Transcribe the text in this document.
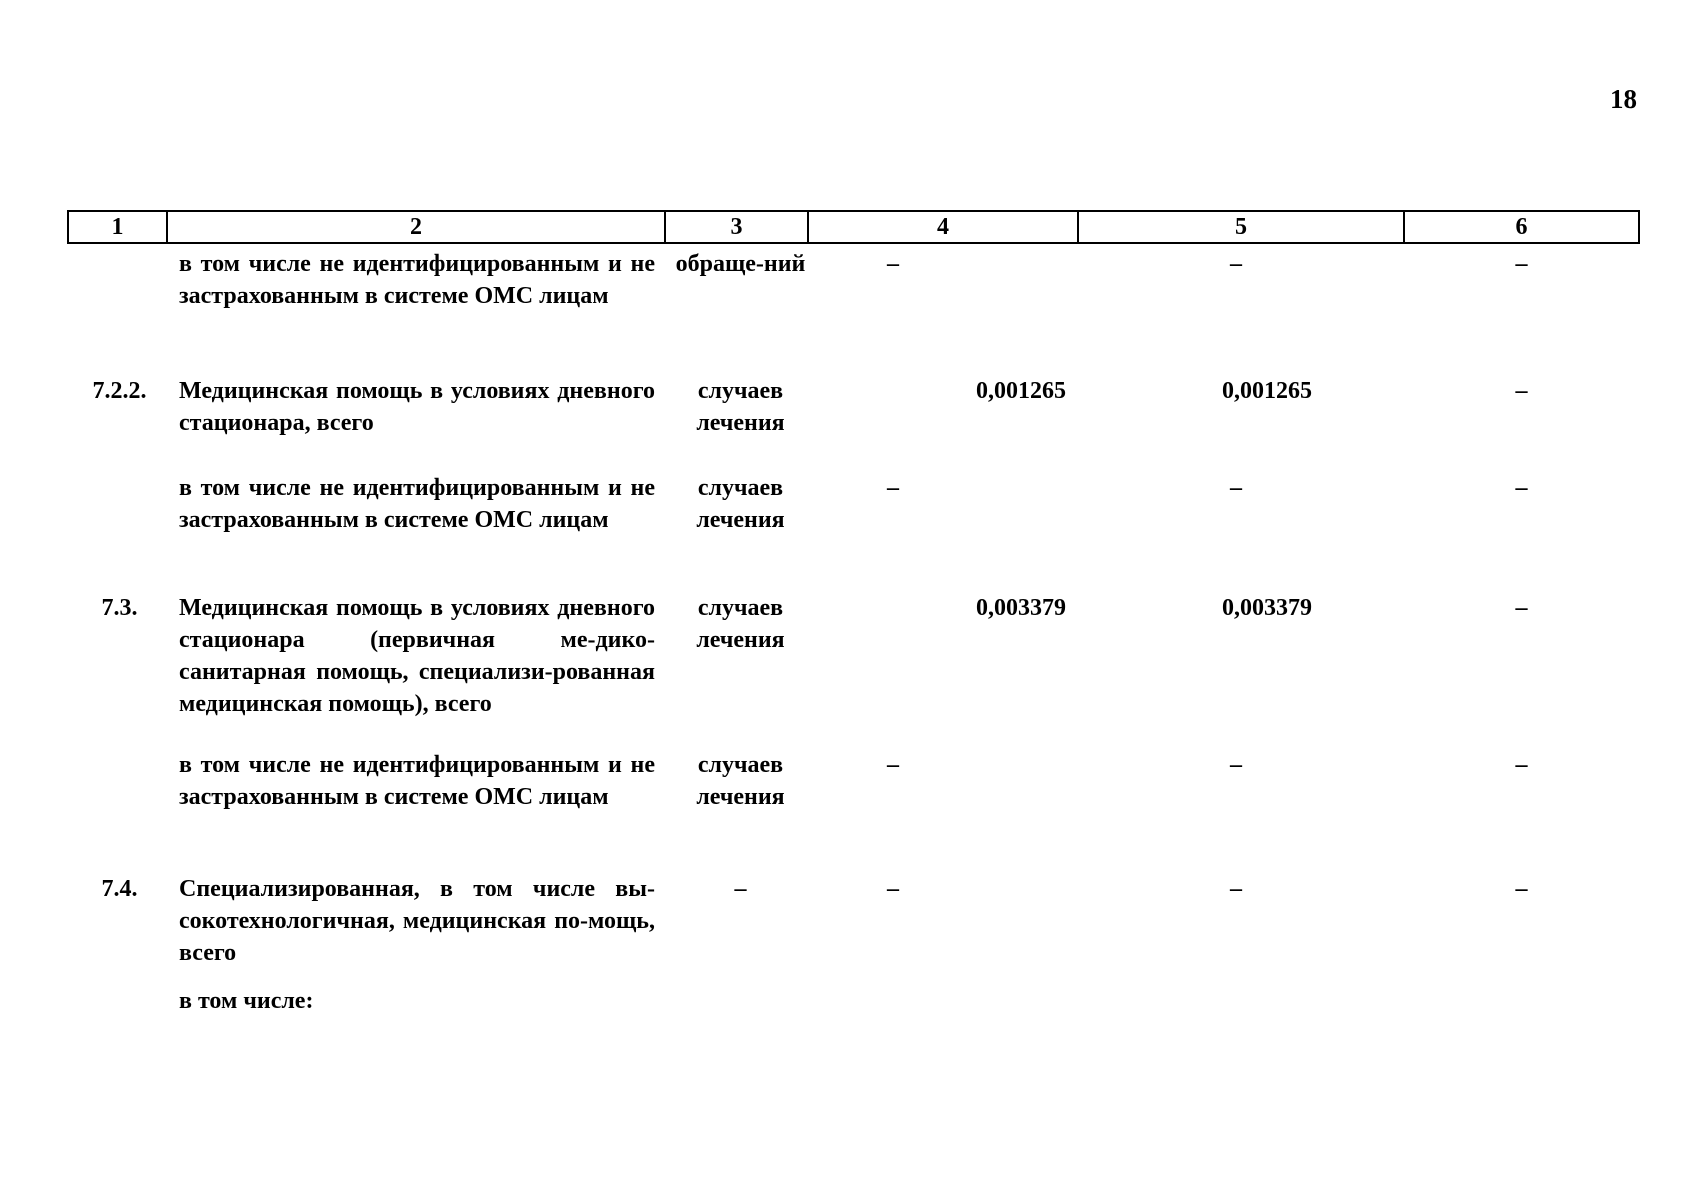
18
1	2	3	4	5	6
	в том числе не идентифицированным и не застрахованным в системе ОМС лицам	обраще-ний	–	–	–
7.2.2.	Медицинская помощь в условиях дневного стационара, всего	случаев лечения	0,001265	0,001265	–
	в том числе не идентифицированным и не застрахованным в системе ОМС лицам	случаев лечения	–	–	–
7.3.	Медицинская помощь в условиях дневного стационара (первичная ме-дико-санитарная помощь, специализи-рованная медицинская помощь), всего	случаев лечения	0,003379	0,003379	–
	в том числе не идентифицированным и не застрахованным в системе ОМС лицам	случаев лечения	–	–	–
7.4.	Специализированная, в том числе вы-сокотехнологичная, медицинская по-мощь, всего	–	–	–	–
	в том числе:				
